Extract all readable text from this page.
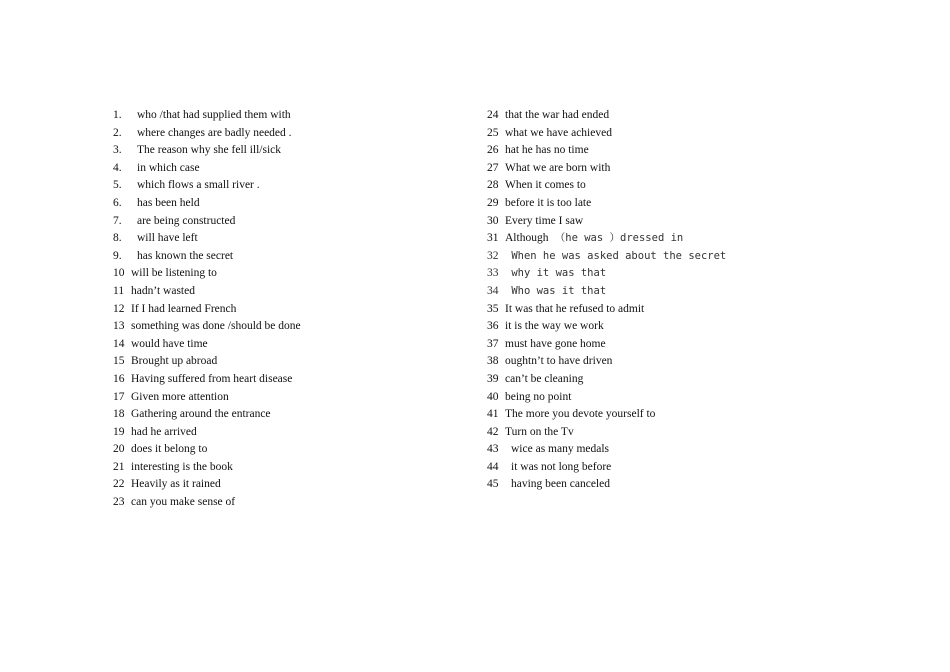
1.	who /that had supplied them with
2.	where changes are badly needed .
3.	The reason why she fell ill/sick
4.	in which case
5.	which flows a small river .
6.	has been held
7.	are being constructed
8.	will have left
9.	has known the secret
10 will be listening to
11 hadn’t wasted
12 If I had learned French
13 something was done /should be done
14 would have time
15 Brought up abroad
16 Having suffered from heart disease
17 Given more attention
18 Gathering around the entrance
19 had he arrived
20 does it belong to
21 interesting is the book
22 Heavily as it rained
23 can you make sense of
24 that the war had ended
25 what we have achieved
26 hat he has no time
27 What we are born with
28 When it comes to
29 before it is too late
30 Every time I saw
31 Although （he was ）dressed in
32 When he was asked about the secret
33 why it was that
34 Who was it that
35 It was that he refused to admit
36 it is the way we work
37 must have gone home
38 oughtn’t to have driven
39 can’t be cleaning
40 being no point
41 The more you devote yourself to
42 Turn on the Tv
43	wice as many medals
44	it was not long before
45	having been canceled
